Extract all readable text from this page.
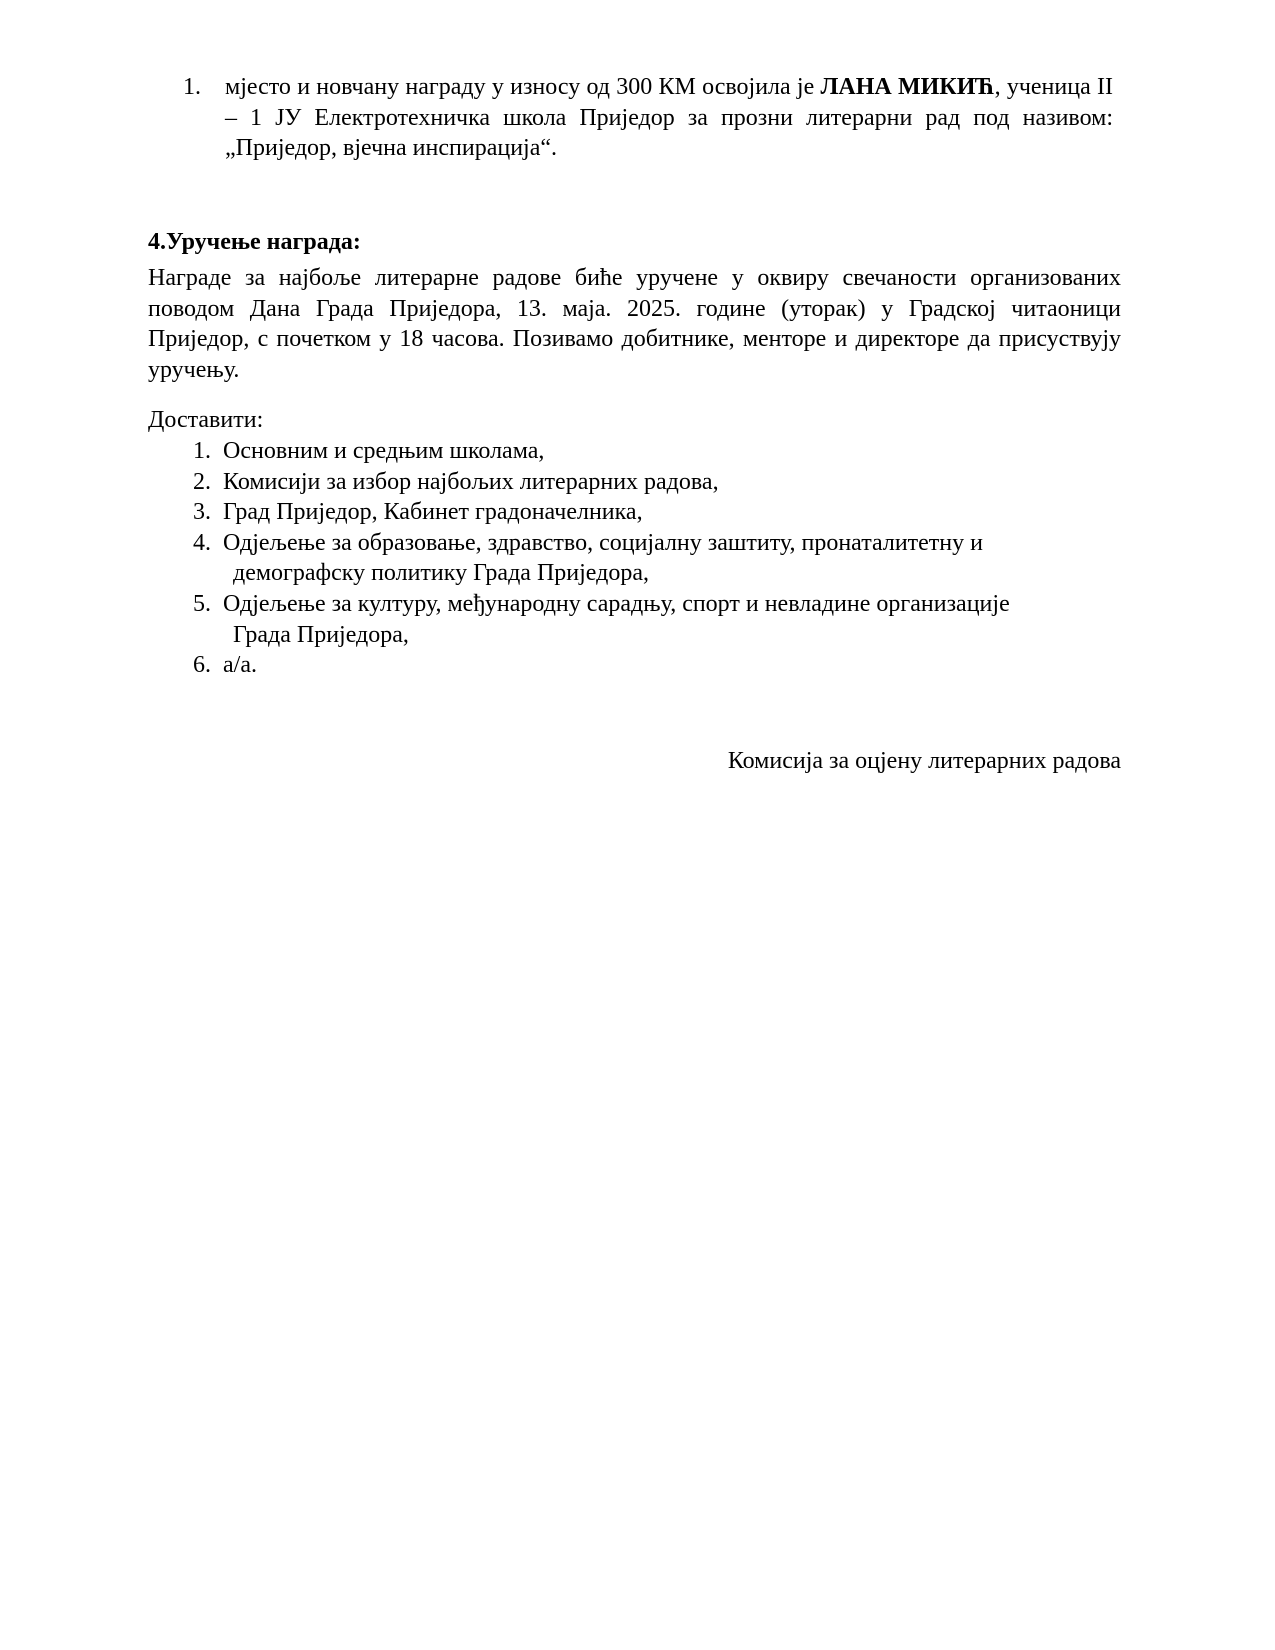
1. мјесто и новчану награду у износу од 300 КМ освојила је ЛАНА МИКИЋ, ученица II – 1 ЈУ Електротехничка школа Приједор за прозни литерарни рад под називом: „Приједор, вјечна инспирација“.
4.Уручење награда:
Награде за најбоље литерарне радове биће уручене у оквиру свечаности организованих поводом Дана Града Приједора, 13. маја. 2025. године (уторак) у Градској читаоници Приједор, с почетком у 18 часова. Позивамо добитнике, менторе и директоре да присуствују уручењу.
Доставити:
1. Основним и средњим школама,
2. Комисији за избор најбољих литерарних радова,
3. Град Приједор, Кабинет градоначелника,
4. Одјељење за образовање, здравство, социјалну заштиту, пронаталитетну и
демографску политику Града Приједора,
5. Одјељење за културу, међународну сарадњу, спорт и невладине организације
Града Приједора,
6. а/а.
Комисија за оцјену литерарних радова
